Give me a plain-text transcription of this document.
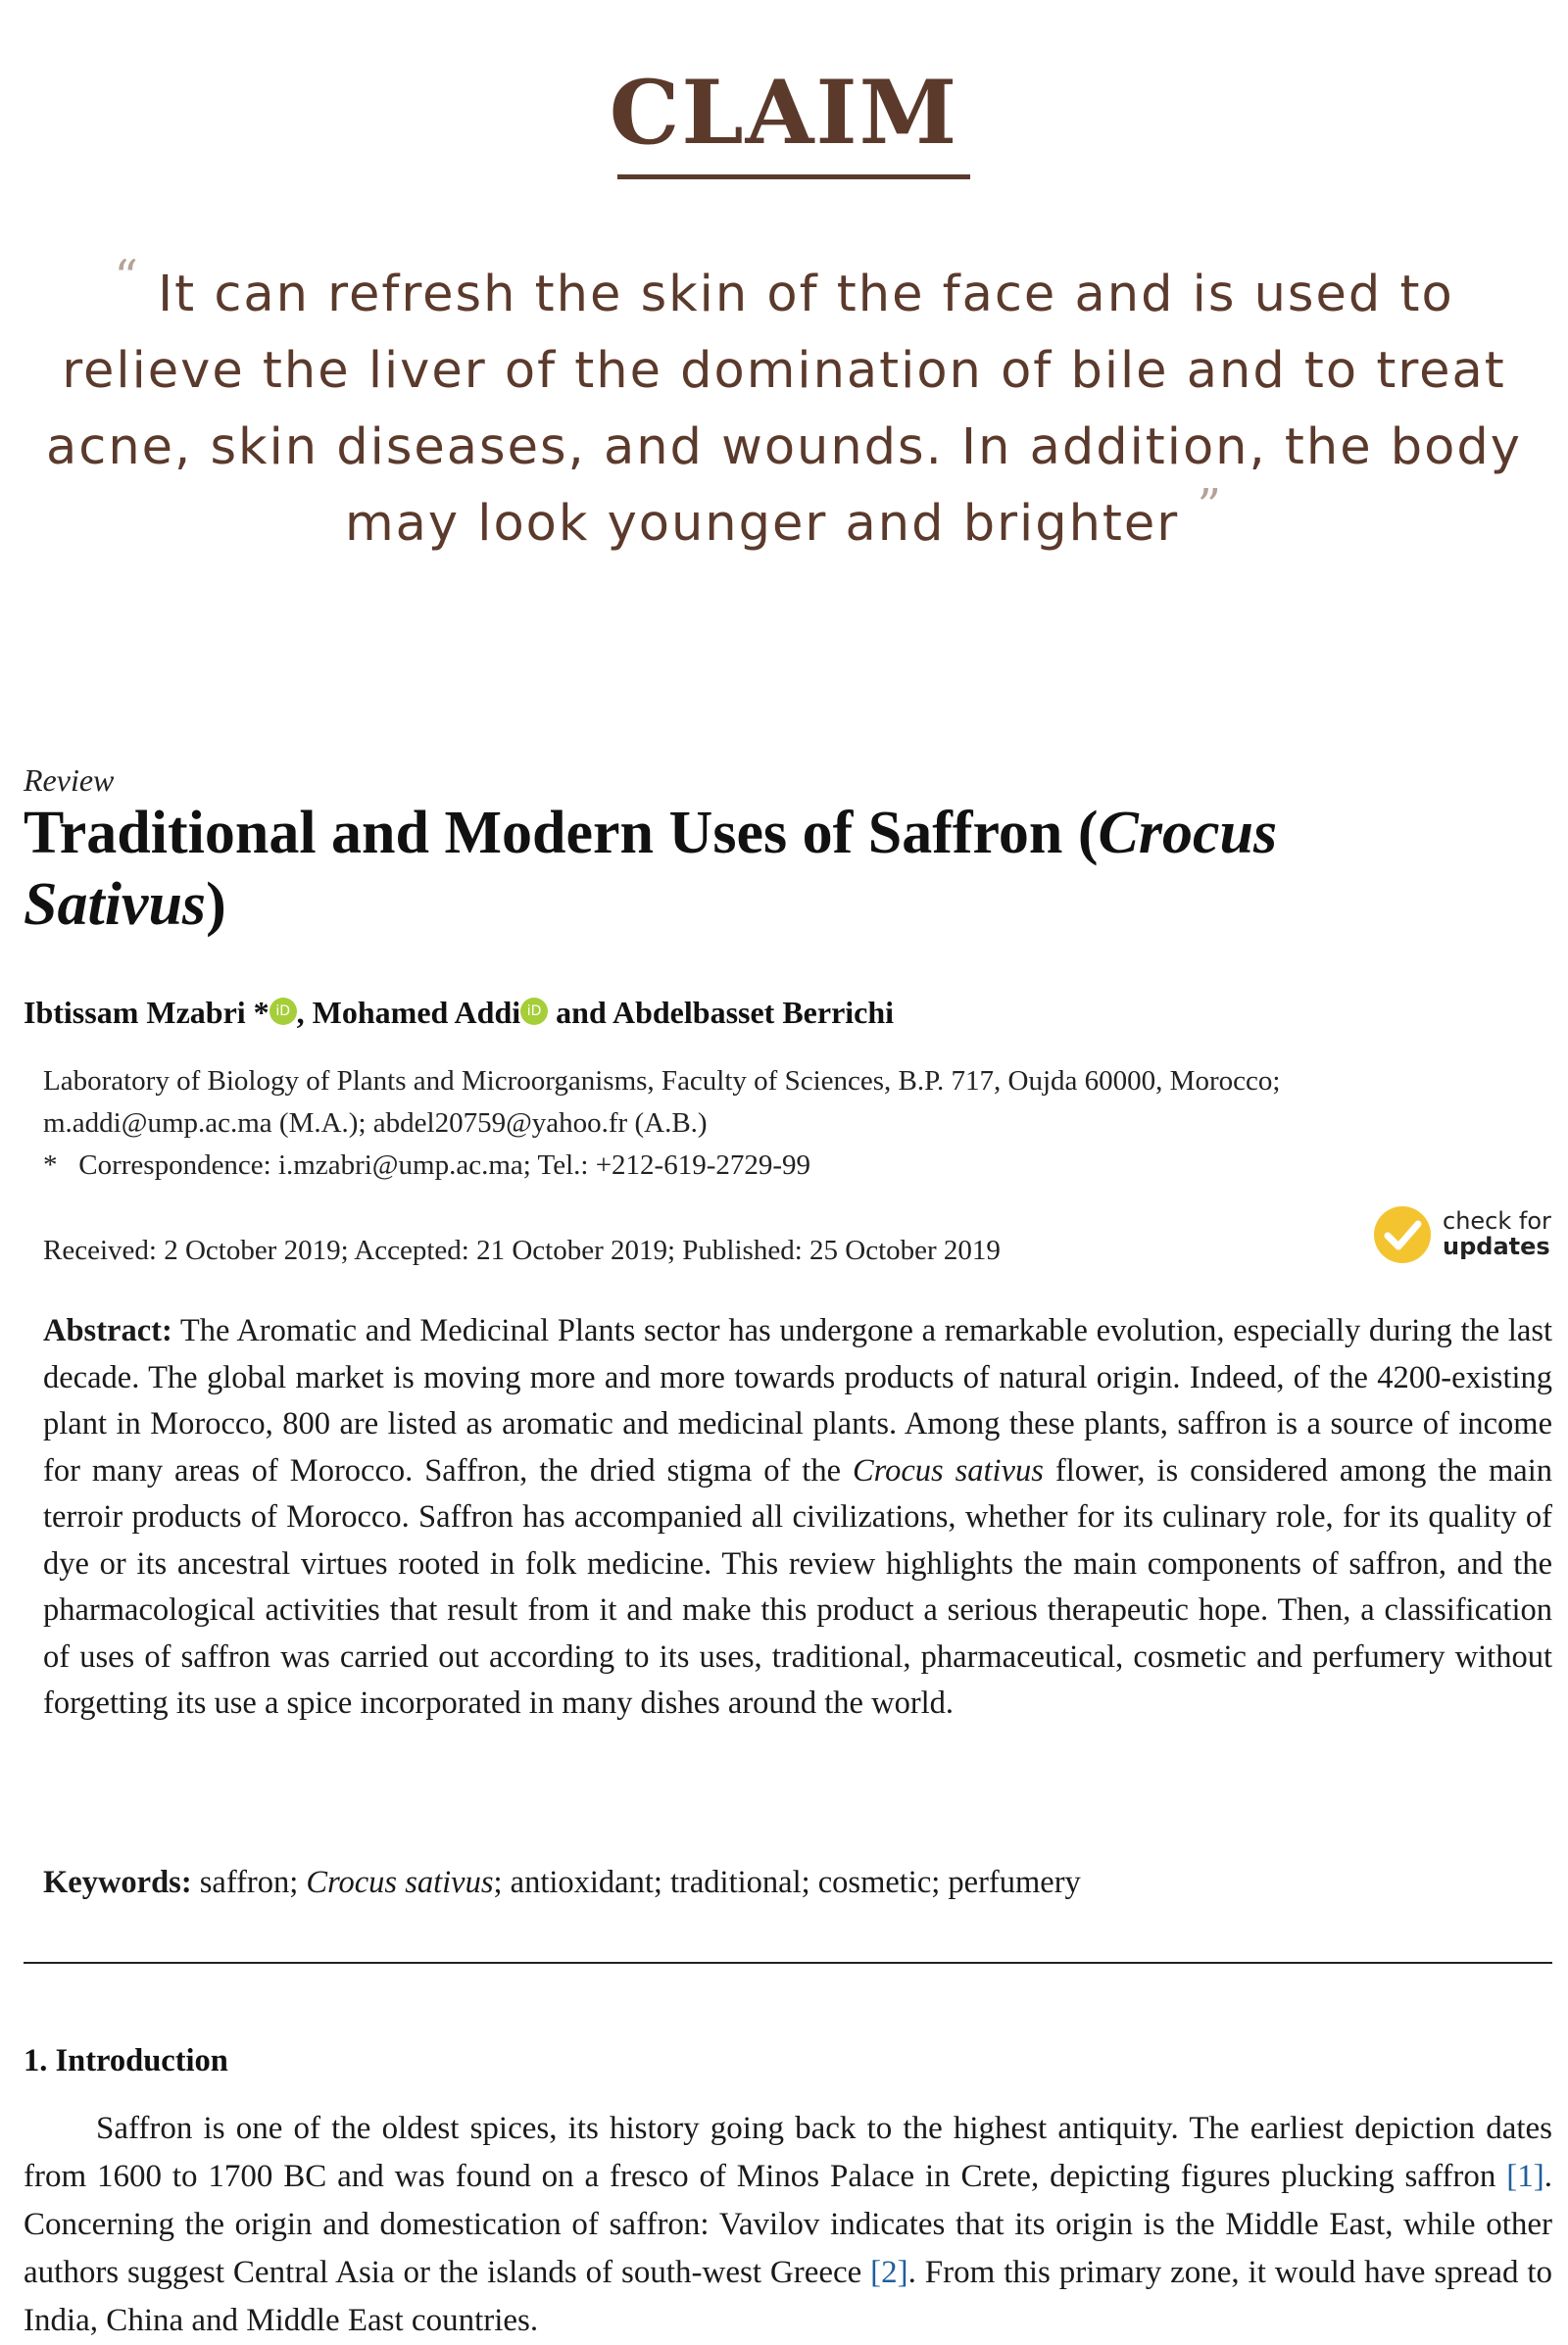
CLAIM
“ It can refresh the skin of the face and is used to relieve the liver of the domination of bile and to treat acne, skin diseases, and wounds. In addition, the body may look younger and brighter ”
Review
Traditional and Modern Uses of Saffron (Crocus Sativus)
Ibtissam Mzabri * iD , Mohamed Addi iD and Abdelbasset Berrichi
Laboratory of Biology of Plants and Microorganisms, Faculty of Sciences, B.P. 717, Oujda 60000, Morocco;
m.addi@ump.ac.ma (M.A.); abdel20759@yahoo.fr (A.B.)
*  Correspondence: i.mzabri@ump.ac.ma; Tel.: +212-619-2729-99
Received: 2 October 2019; Accepted: 21 October 2019; Published: 25 October 2019
check for
updates
Abstract: The Aromatic and Medicinal Plants sector has undergone a remarkable evolution, especially during the last decade. The global market is moving more and more towards products of natural origin. Indeed, of the 4200-existing plant in Morocco, 800 are listed as aromatic and medicinal plants. Among these plants, saffron is a source of income for many areas of Morocco. Saffron, the dried stigma of the Crocus sativus flower, is considered among the main terroir products of Morocco. Saffron has accompanied all civilizations, whether for its culinary role, for its quality of dye or its ancestral virtues rooted in folk medicine. This review highlights the main components of saffron, and the pharmacological activities that result from it and make this product a serious therapeutic hope. Then, a classification of uses of saffron was carried out according to its uses, traditional, pharmaceutical, cosmetic and perfumery without forgetting its use a spice incorporated in many dishes around the world.
Keywords: saffron; Crocus sativus; antioxidant; traditional; cosmetic; perfumery
1. Introduction
Saffron is one of the oldest spices, its history going back to the highest antiquity. The earliest depiction dates from 1600 to 1700 BC and was found on a fresco of Minos Palace in Crete, depicting figures plucking saffron [1]. Concerning the origin and domestication of saffron: Vavilov indicates that its origin is the Middle East, while other authors suggest Central Asia or the islands of south-west Greece [2]. From this primary zone, it would have spread to India, China and Middle East countries.
